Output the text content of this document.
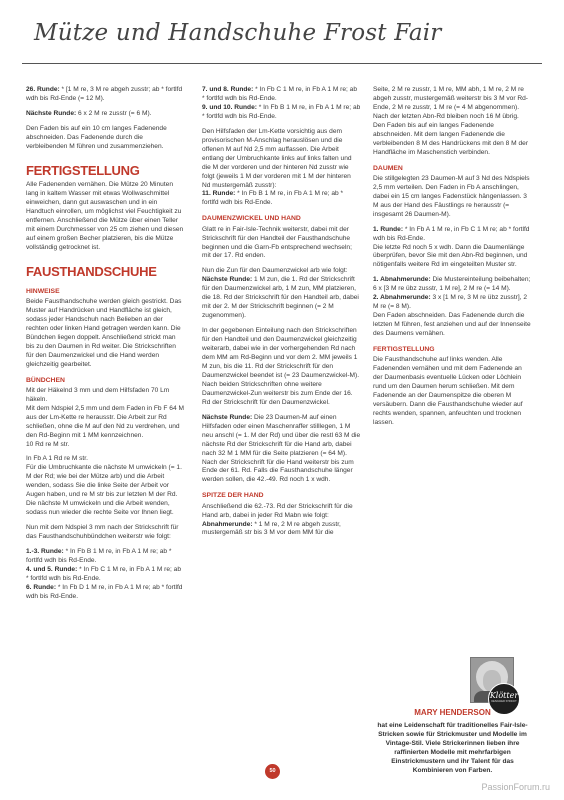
Mütze und Handschuhe Frost Fair

26. Runde: * [1 M re, 3 M re abgeh zusstr; ab * fortlfd wdh bis Rd-Ende (= 12 M).

Nächste Runde: 6 x 2 M re zusstr (= 6 M).

Den Faden bis auf ein 10 cm langes Fadenende abschneiden. Das Fadenende durch die verbleibenden M führen und zusammenziehen.

FERTIGSTELLUNG

Alle Fadenenden vernähen. Die Mütze 20 Minuten lang in kaltem Wasser mit etwas Wollwaschmittel einweichen, dann gut auswaschen und in ein Handtuch einrollen, um möglichst viel Feuchtigkeit zu entfernen. Anschließend die Mütze über einen Teller mit einem Durchmesser von 25 cm ziehen und diesen auf einem großen Becher platzieren, bis die Mütze vollständig getrocknet ist.

FAUSTHANDSCHUHE
HINWEISE

Beide Fausthandschuhe werden gleich gestrickt. Das Muster auf Handrücken und Handfläche ist gleich, sodass jeder Handschuh nach Belieben an der rechten oder linken Hand getragen werden kann. Die Bündchen liegen doppelt. Anschließend strickt man bis zu den Daumen in Rd weiter. Die Strickschriften für den Daumenzwickel und die Hand werden gleichzeitig gearbeitet.

BÜNDCHEN

Mit der Häkelnd 3 mm und dem Hilfsfaden 70 Lm häkeln.

Mit dem Ndspiel 2,5 mm und dem Faden in Fb F 64 M aus der Lm-Kette re herausstr. Die Arbeit zur Rd schließen, ohne die M auf den Nd zu verdrehen, und den Rd-Beginn mit 1 MM kennzeichnen.

10 Rd re M str.

In Fb A 1 Rd re M str.

Für die Umbruchkante die nächste M umwickeln (= 1. M der Rd; wie bei der Mütze arb) und die Arbeit wenden, sodass Sie die linke Seite der Arbeit vor Augen haben, und re M str bis zur letzten M der Rd.

Die nächste M umwickeln und die Arbeit wenden, sodass nun wieder die rechte Seite vor Ihnen liegt.

Nun mit dem Ndspiel 3 mm nach der Strickschrift für das Fausthandschuhbündchen weiterstr wie folgt:

1.-3. Runde: * In Fb B 1 M re, in Fb A 1 M re; ab * fortlfd wdh bis Rd-Ende.

4. und 5. Runde: * In Fb C 1 M re, in Fb A 1 M re; ab * fortlfd wdh bis Rd-Ende.

6. Runde: * In Fb D 1 M re, in Fb A 1 M re; ab * fortlfd wdh bis Rd-Ende.

7. und 8. Runde: * In Fb C 1 M re, in Fb A 1 M re; ab * fortlfd wdh bis Rd-Ende.

9. und 10. Runde: * In Fb B 1 M re, in Fb A 1 M re; ab * fortlfd wdh bis Rd-Ende.

Den Hilfsfaden der Lm-Kette vorsichtig aus dem provisorischen M-Anschlag herauslösen und die offenen M auf Nd 2,5 mm auffassen. Die Arbeit entlang der Umbruchkante links auf links falten und die M der vorderen und der hinteren Nd zusstr wie folgt (jeweils 1 M der vorderen mit 1 M der hinteren Nd mustergemäß zusstr):

11. Runde: * In Fb B 1 M re, in Fb A 1 M re; ab * fortlfd wdh bis Rd-Ende.

DAUMENZWICKEL UND HAND

Glatt re in Fair-Isle-Technik weiterstr, dabei mit der Strickschrift für den Handteil der Fausthandschuhe beginnen und die Garn-Fb entsprechend wechseln; mit der 17. Rd enden.

Nun die Zun für den Daumenzwickel arb wie folgt:

Nächste Runde: 1 M zun, die 1. Rd der Strickschrift für den Daumenzwickel arb, 1 M zun, MM platzieren, die 18. Rd der Strickschrift für den Handteil arb, dabei mit der 2. M der Strickschrift beginnen (= 2 M zugenommen).

In der gegebenen Einteilung nach den Strickschriften für den Handteil und den Daumenzwickel gleichzeitig weiterarb, dabei wie in der vorhergehenden Rd nach dem MM am Rd-Beginn und vor dem 2. MM jeweils 1 M zun, bis die 11. Rd der Strickschrift für den Daumenzwickel beendet ist (= 23 Daumenzwickel-M).

Nach beiden Strickschriften ohne weitere Daumenzwickel-Zun weiterstr bis zum Ende der 16. Rd der Strickschrift für den Daumenzwickel.

Nächste Runde: Die 23 Daumen-M auf einen Hilfsfaden oder einen Maschenraffer stilllegen, 1 M neu anschl (= 1. M der Rd) und über die restl 63 M die nächste Rd der Strickschrift für die Hand arb, dabei nach 32 M 1 MM für die Seite platzieren (= 64 M).

Nach der Strickschrift für die Hand weiterstr bis zum Ende der 61. Rd. Falls die Fausthandschuhe länger werden sollen, die 42.-49. Rd noch 1 x wdh.

SPITZE DER HAND

Anschließend die 62.-73. Rd der Strickschrift für die Hand arb, dabei in jeder Rd Mabn wie folgt:

Abnahmerunde: * 1 M re, 2 M re abgeh zusstr, mustergemäß str bis 3 M vor dem MM für die

Seite, 2 M re zusstr, 1 M re, MM abh, 1 M re, 2 M re abgeh zusstr, mustergemäß weiterstr bis 3 M vor Rd-Ende, 2 M re zusstr, 1 M re (= 4 M abgenommen).

Nach der letzten Abn-Rd bleiben noch 16 M übrig.

Den Faden bis auf ein langes Fadenende abschneiden. Mit dem langen Fadenende die verbleibenden 8 M des Handrückens mit den 8 M der Handfläche im Maschenstich verbinden.

DAUMEN

Die stillgelegten 23 Daumen-M auf 3 Nd des Ndspiels 2,5 mm verteilen. Den Faden in Fb A anschlingen, dabei ein 15 cm langes Fadenstück hängenlassen. 3 M aus der Hand des Fäustlings re herausstr (= insgesamt 26 Daumen-M).

1. Runde: * In Fb A 1 M re, in Fb C 1 M re; ab * fortlfd wdh bis Rd-Ende.

Die letzte Rd noch 5 x wdh. Dann die Daumenlänge überprüfen, bevor Sie mit den Abn-Rd beginnen, und nötigenfalls weitere Rd im eingeteilten Muster str.

1. Abnahmerunde: Die Mustereinteilung beibehalten; 6 x [3 M re übz zusstr, 1 M re], 2 M re (= 14 M).

2. Abnahmerunde: 3 x [1 M re, 3 M re übz zusstr], 2 M re (= 8 M).

Den Faden abschneiden. Das Fadenende durch die letzten M führen, fest anziehen und auf der Innenseite des Daumens vernähen.

FERTIGSTELLUNG

Die Fausthandschuhe auf links wenden. Alle Fadenenden vernähen und mit dem Fadenende an der Daumenbasis eventuelle Lücken oder Löchlein rund um den Daumen herum schließen. Mit dem Fadenende an der Daumenspitze die oberen M versäubern. Dann die Fausthandschuhe wieder auf rechts wenden, spannen, anfeuchten und trocknen lassen.

Klötter
DESIGNER STRICKT

MARY HENDERSON

hat eine Leidenschaft für traditionelles Fair-Isle-Stricken sowie für Strickmuster und Modelle im Vintage-Stil. Viele Strickerinnen lieben ihre raffinierten Modelle mit mehrfarbigen Einstrickmustern und ihr Talent für das Kombinieren von Farben.

50
PassionForum.ru
